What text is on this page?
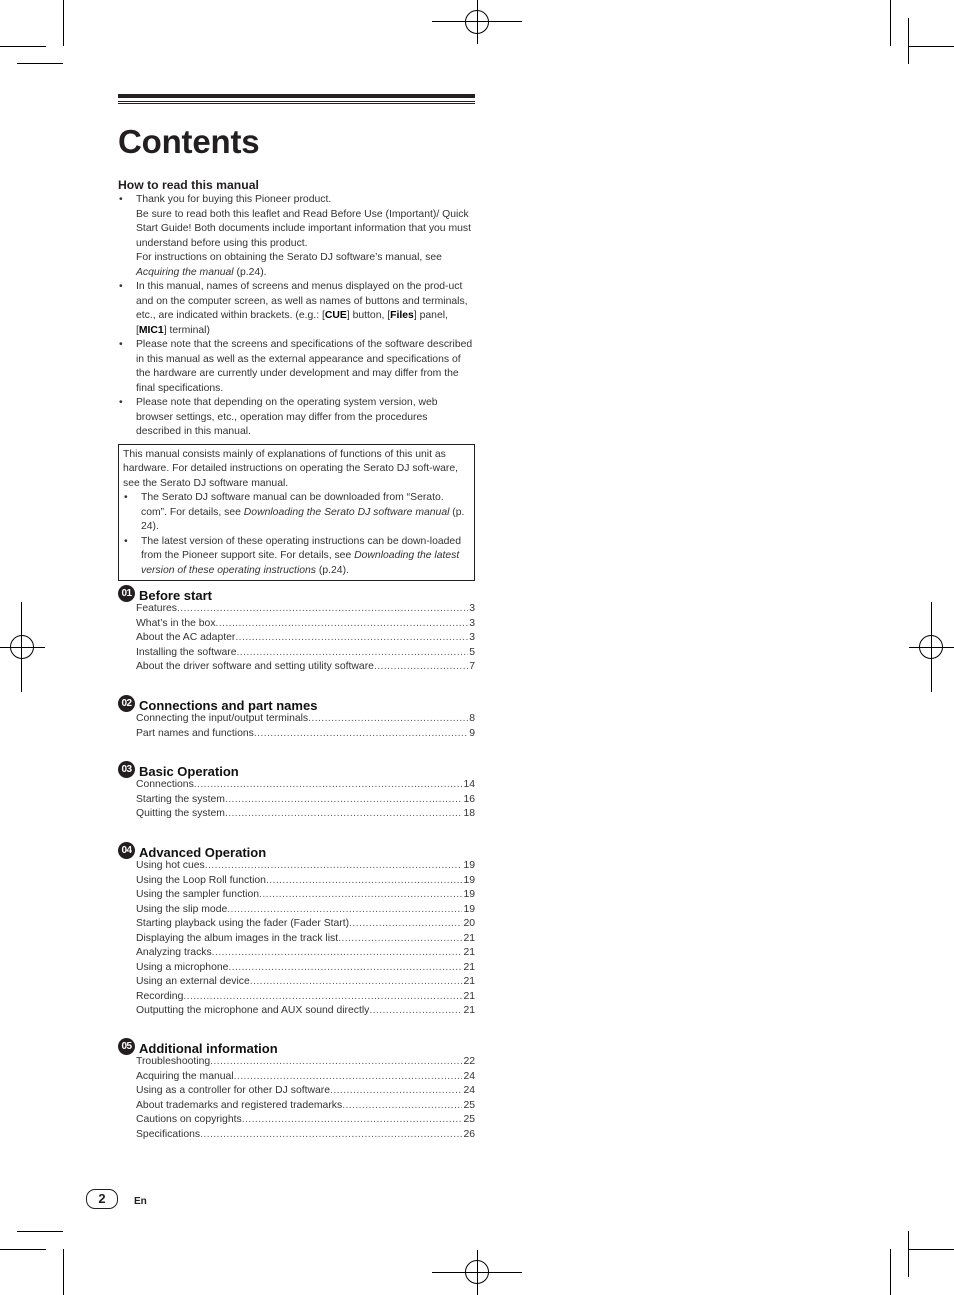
Contents
How to read this manual
• Thank you for buying this Pioneer product.
Be sure to read both this leaflet and Read Before Use (Important)/ Quick Start Guide! Both documents include important information that you must understand before using this product.
For instructions on obtaining the Serato DJ software’s manual, see Acquiring the manual (p.24).
• In this manual, names of screens and menus displayed on the prod-uct and on the computer screen, as well as names of buttons and terminals, etc., are indicated within brackets. (e.g.: [CUE] button, [Files] panel, [MIC1] terminal)
• Please note that the screens and specifications of the software described in this manual as well as the external appearance and specifications of the hardware are currently under development and may differ from the final specifications.
• Please note that depending on the operating system version, web browser settings, etc., operation may differ from the procedures described in this manual.
This manual consists mainly of explanations of functions of this unit as hardware. For detailed instructions on operating the Serato DJ soft-ware, see the Serato DJ software manual.
• The Serato DJ software manual can be downloaded from “Serato. com”. For details, see Downloading the Serato DJ software manual (p. 24).
• The latest version of these operating instructions can be down-loaded from the Pioneer support site. For details, see Downloading the latest version of these operating instructions (p.24).
01 Before start
Features .....	3
What’s in the box .....	3
About the AC adapter .....	3
Installing the software .....	5
About the driver software and setting utility software .....	7
02 Connections and part names
Connecting the input/output terminals .....	8
Part names and functions .....	9
03 Basic Operation
Connections .....	14
Starting the system .....	16
Quitting the system .....	18
04 Advanced Operation
Using hot cues .....	19
Using the Loop Roll function .....	19
Using the sampler function .....	19
Using the slip mode .....	19
Starting playback using the fader (Fader Start) .....	20
Displaying the album images in the track list .....	21
Analyzing tracks .....	21
Using a microphone .....	21
Using an external device .....	21
Recording .....	21
Outputting the microphone and AUX sound directly .....	21
05 Additional information
Troubleshooting .....	22
Acquiring the manual .....	24
Using as a controller for other DJ software .....	24
About trademarks and registered trademarks .....	25
Cautions on copyrights .....	25
Specifications .....	26
2	En
